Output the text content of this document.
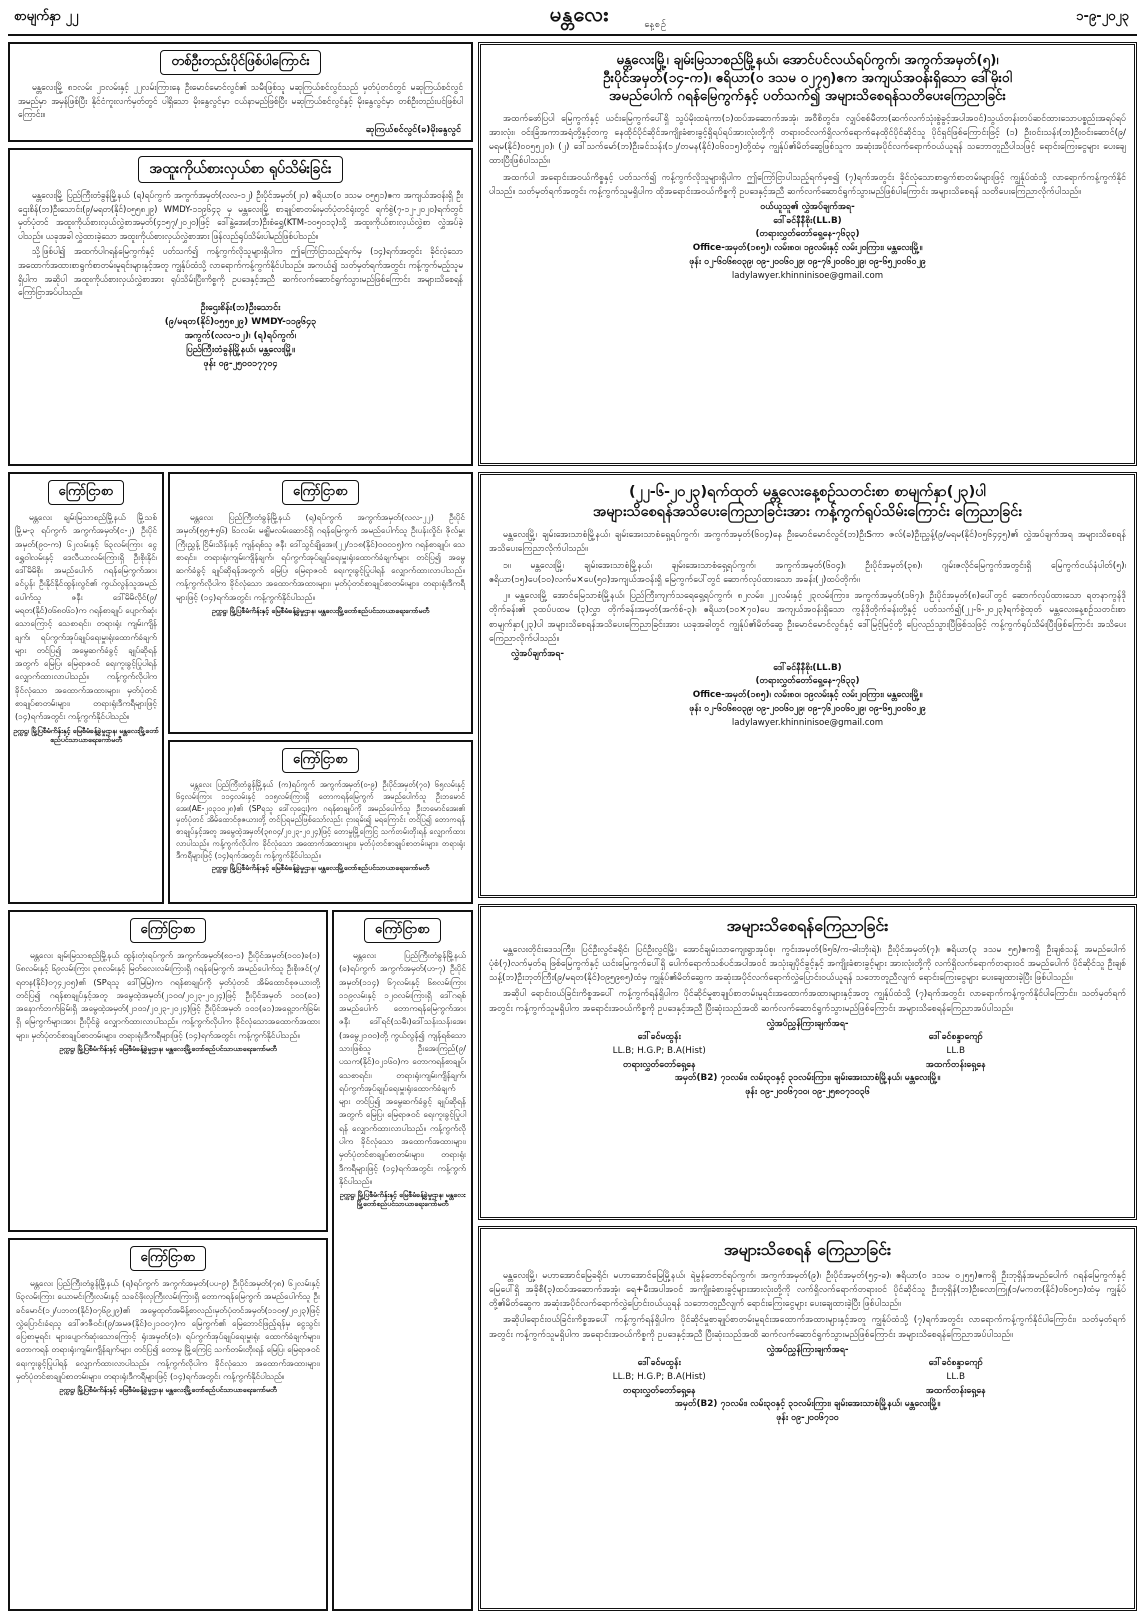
စာမျက်နှာ ၂၂	မန္တလေး	နေ့စဉ်
၁-၉-၂၀၂၃
တစ်ဦးတည်းပိုင်ဖြစ်ပါကြောင်း

မန္တလေးမြို့ ၈၁လမ်း ၂၁လမ်းနှင့် ၂၂လမ်းကြားနေ ဦးမောင်မောင်လွင်၏ သမီးဖြစ်သူ မဆုကြယ်စင်လွင်သည် မှတ်ပုံတင်တွင် မဆုကြယ်စင်လွင်အမည်မှာ အမှန်ဖြစ်ပြီး နိုင်ငံကူးလက်မှတ်တွင် ပါရှိသော မိုးနွေလွင်မှာ ငယ်နာမည်ဖြစ်ပြီး မဆုကြယ်စင်လွင်နှင့် မိုးနွေလွင်မှာ တစ်ဦးတည်းပင်ဖြစ်ပါကြောင်း။

ဆုကြယ်စင်လွင်(ခ)မိုးနွေလွင်
အထူးကိုယ်စားလှယ်စာ ရုပ်သိမ်းခြင်း

မန္တလေးမြို့ ပြည်ကြီးတံခွန်မြို့နယ် (ရ)ရပ်ကွက် အကွက်အမှတ်(လလ-၁၂) ဦးပိုင်အမှတ်(၂၀) ဧရိယာ(၀ ဒသမ ၀၅၅၁)ဧက အကျယ်အဝန်းရှိ ဦးဌေးစိန်(ဘ)ဦးသောင်း(၉/မရတ(နိုင်)၀၅၅၈၂၉) WMDY-၁၁၉၆၄၃ မှ မန္တလေးမြို့ စာချုပ်စာတမ်းမှတ်ပုံတင်ရုံးတွင် ရက်စွဲ(၇-၁၂-၂၀၂၀)ရက်တွင် မှတ်ပုံတင် အထူးကိုယ်စားလှယ်လွှဲစာအမှတ်(၄၁၅၇/၂၀၂၀)ဖြင့် ဒေါ်နွဲ့အေး(ဘ)ဦးစံရွှေ(KTM-၁၀၅၀၁၃)သို့ အထူးကိုယ်စားလှယ်လွှဲစာ လွှဲအပ်ခဲ့ပါသည်။ ယခုအခါ လွှဲထားခဲ့သော အထူးကိုယ်စားလှယ်လွှဲစာအား ဖြန်လည်ရုပ်သိမ်းပါမည်ဖြစ်ပါသည်။

သို့ဖြစ်ပါ၍ အထက်ပါဂရန်မြေကွက်နှင့် ပတ်သက်၍ ကန့်ကွက်လိုသူများရှိပါက ဤကြော်ငြာသည့်ရက်မှ (၁၄)ရက်အတွင်း ခိုင်လုံသောအထောက်အထားစာရွက်စာတမ်းမူရင်းများနှင့်အတူ ကျွန်ုပ်ထံသို့ လာရောက်ကန့်ကွက်နိုင်ပါသည်။ အကယ်၍ သတ်မှတ်ရက်အတွင်း ကန့်ကွက်မည့်သူမရှိပါက အဆိုပါ အထူးကိုယ်စားလှယ်လွှဲစာအား ရုပ်သိမ်းပြီးကိစ္စကို ဥပဒေနှင့်အညီ ဆက်လက်ဆောင်ရွက်သွားမည်ဖြစ်ကြောင်း အများသိစေရန် ကြော်ငြာအပ်ပါသည်။

ဦးဌေးစိန်း(ဘ)ဦးသောင်း
(၉/မရတ(နိုင်)၀၅၅၈၂၉) WMDY-၁၁၉၆၄၃
အကွက်(လလ-၁၂)၊ (ရ)ရပ်ကွက်၊
ပြည်ကြီးတံခွန်မြို့နယ်၊ မန္တလေးမြို့။
ဖုန်း ၀၉-၂၅၀၀၁၇၇၀၄
မန္တလေးမြို့၊ ချမ်းမြသာစည်မြို့နယ်၊ အောင်ပင်လယ်ရပ်ကွက်၊ အကွက်အမှတ်(၅)၊
ဦးပိုင်အမှတ်(၁၄-က)၊ ဧရိယာ(၀ ဒသမ ၀၂၇၅)ဧက အကျယ်အဝန်းရှိသော ဒေါ်မိုးဝါ
အမည်ပေါက် ဂရန်မြေကွက်နှင့် ပတ်သက်၍ အများသိစေရန်သတိပေးကြေညာခြင်း

အထက်ဖော်ပြပါ မြေကွက်နှင့် ယင်းမြေကွက်ပေါ်ရှိ သွပ်မိုးထရံကာ(၁)ထပ်အဆောက်အအုံ၊ အဝီစိတွင်း၊ လျှပ်စစ်မီတာ(ဆက်လက်သုံးစွဲခွင့်အပါအဝင်)သွယ်တန်းတပ်ဆင်ထားသောပစ္စည်းအရပ်ရပ်အားလုံး၊ ဝင်းခြံအကာအရံတို့နှင့်တကွ နေထိုင်ပိုင်ဆိုင်အကျိုးခံစားခွင့်ရှိရပ်ရပ်အားလုံးတို့ကို တရားဝင်လက်ရှိလက်ရောက်နေထိုင်ပိုင်ဆိုင်သူ ပိုင်ရှင်ဖြစ်ကြောင်းဖြင့် (၁) ဦးဝင်းသန်း(ဘ)ဦးဝင်းဆောင်(၉/မရမ(နိုင်)၀၀၅၅၂၀)၊ (၂) ဒေါ်သက်မော်(ဘ)ဦးခင်သန်း(၁၂/တမန(နိုင်)၀၆၀၁၅)တို့ထံမှ ကျွန်ုပ်၏မိတ်ဆွေဖြစ်သူက အဆုံးအပိုင်လက်ရောက်ဝယ်ယူရန် သဘောတူညီပါသဖြင့် ရောင်းကြေးငွေများ ပေးချေထားပြီးဖြစ်ပါသည်။

အထက်ပါ အရောင်းအဝယ်ကိစ္စနှင့် ပတ်သက်၍ ကန့်ကွက်လိုသူများရှိပါက ဤကြော်ငြာပါသည့်ရက်မှစ၍ (၇)ရက်အတွင်း ခိုင်လုံသောစာရွက်စာတမ်းများဖြင့် ကျွန်ုပ်ထံသို့ လာရောက်ကန့်ကွက်နိုင်ပါသည်။ သတ်မှတ်ရက်အတွင်း ကန့်ကွက်သူမရှိပါက ထိုအရောင်းအဝယ်ကိစ္စကို ဥပဒေနှင့်အညီ ဆက်လက်ဆောင်ရွက်သွားမည်ဖြစ်ပါကြောင်း အများသိစေရန် သတိပေးကြေညာလိုက်ပါသည်။

ဝယ်ယူသူ၏ လွှဲအပ်ချက်အရ-
ဒေါ်ခင်နီနီစိုး(LL.B)
(တရားလွှတ်တော်ရှေ့နေ-၇၆၃၃)
Office-အမှတ်(၁၈၅)၊ လမ်း၈၀၊ ၁၉လမ်းနှင့် လမ်း၂၀ကြား၊ မန္တလေးမြို့။
ဖုန်း ၀၂-၆၀၆၈၀၃၉၊ ၀၉-၂၀၀၆၀၂၉၊ ၀၉-၇၆၂၀၀၆၀၂၉၊ ၀၉-၆၅၂၀၀၆၀၂၉
ladylawyer.khinninisoe@gmail.com
(၂၂-၆-၂၀၂၃)ရက်ထုတ် မန္တလေးနေ့စဉ်သတင်းစာ စာမျက်နှာ(၂၃)ပါ
အများသိစေရန်အသိပေးကြေညာခြင်းအား ကန့်ကွက်ရုပ်သိမ်းကြောင်း ကြေညာခြင်း

မန္တလေးမြို့၊ ချမ်းအေးသာစံမြို့နယ်၊ ချမ်းအေးသာစံရှေ့ရပ်ကွက်၊ အကွက်အမှတ်(၆၀၄)နေ ဦးမောင်မောင်လွင်(ဘ)ဦးSကာ ဇလ်(ခ)ဦးညွှန့်(၉/မရမ(နိုင်)၀၅၆၄၄၅)၏ လွှဲအပ်ချက်အရ အများသိစေရန်အသိပေးကြေညာလိုက်ပါသည်။

၁။ မန္တလေးမြို့၊ ချမ်းအေးသာစံမြို့နယ်၊ ချမ်းအေးသာစံရှေ့ရပ်ကွက်၊ အကွက်အမှတ်(၆၀၄)၊ ဦးပိုင်အမှတ်(၃၈)၊ ဂျမ်းဇလိုင်မြေကွက်အတွင်းရှိ မြေကွက်ငယ်နံပါတ်(၅)၊ ဧရိယာ(၁၅)ပေ(၁၀)လက်မ×ပေ(၅၀)အကျယ်အဝန်းရှိ မြေကွက်ပေါ်တွင် ဆောက်လုပ်ထားသော အခန်း(၂)ထပ်တိုက်။

၂။ မန္တလေးမြို့ အောင်မြေသာစံမြို့နယ်၊ ပြည်ကြီးကျက်သရေရှေ့ရပ်ကွက်၊ ၈၂လမ်း၊ ၂၂လမ်းနှင့် ၂၃လမ်းကြား၊ အကွက်အမှတ်(၁၆၇)၊ ဦးပိုင်အမှတ်(၈)ပေါ်တွင် ဆောက်လုပ်ထားသော ရတနာကွန်ဒိုတိုက်ခန်း၏ ၃ထပ်ပထမ (၃)လွှာ တိုက်ခန်းအမှတ်(အက်စ်-၃)၊ ဧရိယာ(၁၀×၇၀)ပေ အကျယ်အဝန်းရှိသော ကွန်ဒိုတိုက်ခန်းတို့နှင့် ပတ်သက်၍(၂၂-၆-၂၀၂၃)ရက်စွဲထုတ် မန္တလေးနေ့စဉ်သတင်းစာ စာမျက်နှာ(၂၃)ပါ အများသိစေရန်အသိပေးကြေညာခြင်းအား ယခုအခါတွင် ကျွန်ုပ်၏မိတ်ဆွေ ဦးမောင်မောင်လွင်နှင့် ဒေါ်မြင့်မြင့်တို့ ပြေလည်သွားပြီဖြစ်သဖြင့် ကန့်ကွက်ရုပ်သိမ်းပြီးဖြစ်ကြောင်း အသိပေးကြေညာလိုက်ပါသည်။

လွှဲအပ်ချက်အရ-
ဒေါ်ခင်နီနီစိုး(LL.B)
(တရားလွှတ်တော်ရှေ့နေ-၇၆၃၃)
Office-အမှတ်(၁၈၅)၊ လမ်း၈၀၊ ၁၉လမ်းနှင့် လမ်း၂၀ကြား၊ မန္တလေးမြို့။
ဖုန်း ၀၂-၆၀၆၈၀၃၉၊ ၀၉-၂၀၀၆၀၂၉၊ ၀၉-၇၆၂၀၀၆၀၂၉၊ ၀၉-၆၅၂၀၀၆၀၂၉
ladylawyer.khinninisoe@gmail.com
အများသိစေရန်ကြေညာခြင်း

မန္တလေးတိုင်းဒေသကြီး၊ ပြင်ဦးလွင်ခရိုင်၊ ပြင်ဦးလွင်မြို့၊ အောင်ချမ်းသာကျေးရွာအုပ်စု၊ ကွင်းအမှတ်(၆၅၆/က-ဓါးဘိုးရဲ)၊ ဦးပိုင်အမှတ်(၇)၊ ဧရိယာ(၃ ဒသမ ၅၅)ဧကရှိ ဦးချစ်သန့် အမည်ပေါက် ပုံစံ(၇)လက်မှတ်ရ ဖြစ်မြေကွက်နှင့် ယင်းမြေကွက်ပေါ်ရှိ ပေါက်ရောက်သစ်ပင်အပါအဝင် အသုံးချပိုင်ခွင့်နှင့် အကျိုးခံစားခွင့်များ အားလုံးတို့ကို လက်ရှိလက်ရောက်တရားဝင် အမည်ပေါက် ပိုင်ဆိုင်သူ ဦးချစ်သန့်(ဘ)ဦးဘုတ်ကြီး(၉/မရတ(နိုင်)၀၉၅၉၈၅)ထံမှ ကျွန်ုပ်၏မိတ်ဆွေက အဆုံးအပိုင်လက်ရောက်လွှဲပြောင်းဝယ်ယူရန် သဘောတူညီလျက် ရောင်းကြေးငွေများ ပေးချေထားခဲ့ပြီး ဖြစ်ပါသည်။

အဆိုပါ ရောင်းဝယ်ခြင်းကိစ္စအပေါ် ကန့်ကွက်ရန်ရှိပါက ပိုင်ဆိုင်မှုစာချုပ်စာတမ်းမူရင်းအထောက်အထားများနှင့်အတူ ကျွန်ုပ်ထံသို့ (၇)ရက်အတွင်း လာရောက်ကန့်ကွက်နိုင်ပါကြောင်း၊ သတ်မှတ်ရက်အတွင်း ကန့်ကွက်သူမရှိပါက အရောင်းအဝယ်ကိစ္စကို ဥပဒေနှင့်အညီ ပြီးဆုံးသည်အထိ ဆက်လက်ဆောင်ရွက်သွားမည်ဖြစ်ကြောင်း အများသိစေရန်ကြေညာအပ်ပါသည်။

လွှဲအပ်ညွှန်ကြားချက်အရ-
ဒေါ်ခင်မထွန်း
LL.B; H.G.P; B.A(Hist)
တရားလွှတ်တော်ရှေ့နေ
ဒေါ်ခင်စန္ဒာကျော်
LL.B
အထက်တန်းရှေ့နေ
အမှတ်(B2) ၇၁လမ်း၊ လမ်း၃၀နှင့် ၃၁လမ်းကြား၊ ချမ်းအေးသာစံမြို့နယ်၊ မန္တလေးမြို့။
ဖုန်း ၀၉-၂၀၀၆၇၁၀၊ ၀၉-၂၅၈၀၇၁၀၃၆
အများသိစေရန် ကြေညာခြင်း

မန္တလေးမြို့၊ မဟာအောင်မြေခရိုင်၊ မဟာအောင်မြေမြို့နယ်၊ ရဲမွန်တောင်ရပ်ကွက်၊ အကွက်အမှတ်(၉)၊ ဦးပိုင်အမှတ်(၅၄-ခ)၊ ဧရိယာ(၀ ဒသမ ၀၂၅၅)ဧကရှိ ဦးဘုရှိန်အမည်ပေါက် ဂရန်မြေကွက်နှင့် မြေပေါ်ရှိ အခိုစီ(၃)ထပ်အဆောက်အအုံ၊ ရေ+မီးအပါအဝင် အကျိုးခံစားခွင့်များအားလုံးတို့ကို လက်ရှိလက်ရောက်တရားဝင် ပိုင်ဆိုင်သူ ဦးဘုရှိန်(ဘ)ဦးလောကြူ(၁/မကတ(နိုင်)၀၆၀၅၁)ထံမှ ကျွန်ုပ်တို့၏မိတ်ဆွေက အဆုံးအပိုင်လက်ရောက်လွှဲပြောင်းဝယ်ယူရန် သဘောတူညီလျက် ရောင်းကြေးငွေများ ပေးချေထားခဲ့ပြီး ဖြစ်ပါသည်။

အဆိုပါရောင်းဝယ်ခြင်းကိစ္စအပေါ် ကန့်ကွက်ရန်ရှိပါက ပိုင်ဆိုင်မှုစာချုပ်စာတမ်းမူရင်းအထောက်အထားများနှင့်အတူ ကျွန်ုပ်ထံသို့ (၇)ရက်အတွင်း လာရောက်ကန့်ကွက်နိုင်ပါကြောင်း၊ သတ်မှတ်ရက်အတွင်း ကန့်ကွက်သူမရှိပါက အရောင်းအဝယ်ကိစ္စကို ဥပဒေနှင့်အညီ ပြီးဆုံးသည်အထိ ဆက်လက်ဆောင်ရွက်သွားမည်ဖြစ်ကြောင်း အများသိစေရန်ကြေညာအပ်ပါသည်။

လွှဲအပ်ညွှန်ကြားချက်အရ-
ဒေါ်ခင်မထွန်း
LL.B; H.G.P; B.A(Hist)
တရားလွှတ်တော်ရှေ့နေ
ဒေါ်ခင်စန္ဒာကျော်
LL.B
အထက်တန်းရှေ့နေ
အမှတ်(B2) ၇၁လမ်း၊ လမ်း၃၀နှင့် ၃၁လမ်းကြား၊ ချမ်းအေးသာစံမြို့နယ်၊ မန္တလေးမြို့။
ဖုန်း ၀၉-၂၀၀၆၇၁၀
ကြော်ငြာစာ

မန္တလေး ချမ်းမြသာစည်မြို့နယ် မြို့သစ် မြို့မ-၃ ရပ်ကွက် အကွက်အမှတ်(င-၂) ဦးပိုင်အမှတ်(၉၀-က) ၆၂လမ်းနှင့် ၆၃လမ်းကြား ငွေရွှေဝါလမ်းနှင့် ဒေလီယာလမ်းကြားရှိ ဦးစိုးနိုင်၊ ဒေါ်မိမိစိုး အမည်ပေါက် ဂရန်မြေကွက်အား ခင်ပွန်း ဦးနိုင်နိုင်ထွန်းလွင်၏ ကွယ်လွန်သူအမည်ပေါက်သူ ဇနီး ဒေါ်မိမိလိုင်(၉/မရတ(နိုင်)၀၆၈၀၆၁)က ဂရန်စာချုပ် ပျောက်ဆုံးသောကြောင့် သေစာရင်း၊ တရားရုံး ကျမ်းကျိန်ချက်၊ ရပ်ကွက်အုပ်ချုပ်ရေးမှူးရုံးထောက်ခံချက်များ တင်ပြ၍ အမွေဆက်ခံခွင့် ချုပ်ဆိုရန်အတွက် မြေပြ၊ မြေရာဇဝင် ရေးကူးခွင့်ပြုပါရန် လျှောက်ထားလာပါသည်။ ကန့်ကွက်လိုပါက ခိုင်လုံသော အထောက်အထားများ၊ မှတ်ပုံတင်စာချုပ်စာတမ်းများ၊ တရားရုံးဒီကရီများဖြင့် (၁၄)ရက်အတွင်း ကန့်ကွက်နိုင်ပါသည်။

ဥက္ကဋ္ဌ၊ မြို့ပြစီမံကိန်းနှင့် မြေစီမံခန့်ခွဲမှုဌာန၊ မန္တလေးမြို့တော်စည်ပင်သာယာရေးကော်မတီ
ကြော်ငြာစာ

မန္တလေး ပြည်ကြီးတံခွန်မြို့နယ် (ရ)ရပ်ကွက် အကွက်အမှတ်(လလ-၂၂) ဦးပိုင်အမှတ်(၅၅+၅၆) ၆၁လမ်း မဇ္ဈိမလမ်းဆောင်ရှိ ဂရန်မြေကွက် အမည်ပေါက်သူ ဦးပန်းလှိုင်၊ ဇိုလ်မှူးကြီးညွှန့် ငြိမ်းသိန်းနှင့် ကျန်ရစ်သူ ဇနီး ဒေါ်သွင်ချိုအေး(၂၂/၁၁၈(နိုင်)၀၀၀၁၅)က ဂရန်စာချုပ်၊ သေစာရင်း၊ တရားရုံးကျမ်းကျိန်ချက်၊ ရပ်ကွက်အုပ်ချုပ်ရေးမှူးရုံးထောက်ခံချက်များ တင်ပြ၍ အမွေဆက်ခံခွင့် ချုပ်ဆိုရန်အတွက် မြေပြ၊ မြေရာဇဝင် ရေးကူးခွင့်ပြုပါရန် လျှောက်ထားလာပါသည်။ ကန့်ကွက်လိုပါက ခိုင်လုံသော အထောက်အထားများ၊ မှတ်ပုံတင်စာချုပ်စာတမ်းများ၊ တရားရုံးဒီကရီများဖြင့် (၁၄)ရက်အတွင်း ကန့်ကွက်နိုင်ပါသည်။

ဥက္ကဋ္ဌ၊ မြို့ပြစီမံကိန်းနှင့် မြေစီမံခန့်ခွဲမှုဌာန၊ မန္တလေးမြို့တော်စည်ပင်သာယာရေးကော်မတီ
ကြော်ငြာစာ

မန္တလေး ပြည်ကြီးတံခွန်မြို့နယ် (က)ရပ်ကွက် အကွက်အမှတ်(၀-၉) ဦးပိုင်အမှတ်(၇၀) ၆၅လမ်းနှင့် ၆၄လမ်းကြား ၁၁၄လမ်းနှင့် ၁၁၅လမ်းကြားရှိ တောကရန်မြေကွက် အမည်ပေါက်သူ ဦးဘမောင်အေး(AE-၂၀၃၁၀၂၈)၏ (SPရသူ ဒေါ်လှဌေး)က ဂရန်စာချုပ်ကို အမည်ပေါက်သူ ဦးဘမောင်အေး၏ မှတ်ပုံတင် အိမ်ထောင်စုဇယားတို့ တင်ပြရမည်ဖြစ်သော်လည်း ငှားရမ်း၍ မရကြောင်း တင်ပြ၍ တောကရန်စာချုပ်နှင့်အတူ အမွေထဲ့အမှတ်(၃၈၀၄/၂၀၂၃-၂၀၂၄)ဖြင့် တောမှုမြို့ကြေငြ သက်တမ်းတိုးရန် လျှောက်ထားလာပါသည်။ ကန့်ကွက်လိုပါက ခိုင်လုံသော အထောက်အထားများ၊ မှတ်ပုံတင်စာချုပ်စာတမ်းများ၊ တရားရုံးဒီကရီများဖြင့် (၁၄)ရက်အတွင်း ကန့်ကွက်နိုင်ပါသည်။

ဥက္ကဋ္ဌ၊ မြို့ပြစီမံကိန်းနှင့် မြေစီမံခန့်ခွဲမှုဌာန၊ မန္တလေးမြို့တော်စည်ပင်သာယာရေးကော်မတီ
ကြော်ငြာစာ

မန္တလေး ချမ်းမြသာစည်မြို့နယ် ထွန်းတုံးရပ်ကွက် အကွက်အမှတ်(၈၁-၁) ဦးပိုင်အမှတ်(၁၀၁)ခ(၁) ၆၈လမ်းနှင့် ၆၉လမ်းကြား ၃၈လမ်းနှင့် မြတ်လေးလမ်းကြားရှိ ဂရန်မြေကွက် အမည်ပေါက်သူ ဦးစိုးဇင်(၇/ရတန(နိုင်)၀၇၄၂၀၅)၏ (SPရသူ ဒေါ်မြမြ)က ဂရန်စာချုပ်ကို မှတ်ပုံတင် အိမ်ထောင်စုဇယားတို့ တင်ပြ၍ ဂရန်စာချုပ်နှင့်အတူ အမွေထဲ့အမှတ်(၂၁၀၀/၂၀၂၃-၂၀၂၄)ဖြင့် ဦးပိုင်အမှတ် ၁၀၁(ခ၁) အနောက်ဘက်ခြမ်းရှိ အမွေထဲ့အမှတ်(၂၁၀၁/၂၀၂၃-၂၀၂၄)ဖြင့် ဦးပိုင်အမှတ် ၁၀၁(ခ၁)အရှေ့ဘက်ခြမ်းရှိ မြေကွက်များအား ဦးပိုင်ခွဲ လျှောက်ထားလာပါသည်။ ကန့်ကွက်လိုပါက ခိုင်လုံသောအထောက်အထားများ၊ မှတ်ပုံတင်စာချုပ်စာတမ်းများ၊ တရားရုံးဒီကရီများဖြင့် (၁၄)ရက်အတွင်း ကန့်ကွက်နိုင်ပါသည်။

ဥက္ကဋ္ဌ၊ မြို့ပြစီမံကိန်းနှင့် မြေစီမံခန့်ခွဲမှုဌာန၊ မန္တလေးမြို့တော်စည်ပင်သာယာရေးကော်မတီ
ကြော်ငြာစာ

မန္တလေး ပြည်ကြီးတံခွန်မြို့နယ် (ခ)ရပ်ကွက် အကွက်အမှတ်(ဟ-၇) ဦးပိုင်အမှတ်(၁၁၄) ၆၇လမ်းနှင့် ၆၈လမ်းကြား ၁၁၉လမ်းနှင့် ၁၂၀လမ်းကြားရှိ ဒေါ်ဂရစ် အမည်ပေါက် တောကရန်မြေကွက်အား ဇနီး ဒေါ်ရင်(သမီး)ဒေါ်သန်းသန်းအေး (အမွေ၂၁၀၀)တို့ ကွယ်လွန်၍ ကျန်ရစ်သော သားဖြစ်သူ ဦးအေးကြည်(၉/ပသက(နိုင်)၀၂၁၆၀)က တောကရန်စာချုပ်၊ သေစာရင်း၊ တရားရုံးကျမ်းကျိန်ချက်၊ ရပ်ကွက်အုပ်ချုပ်ရေးမှူးရုံးထောက်ခံချက်များ တင်ပြ၍ အမွေဆက်ခံခွင့် ချုပ်ဆိုရန်အတွက် မြေပြ၊ မြေရာဇဝင် ရေးကူးခွင့်ပြုပါရန် လျှောက်ထားလာပါသည်။ ကန့်ကွက်လိုပါက ခိုင်လုံသော အထောက်အထားများ၊ မှတ်ပုံတင်စာချုပ်စာတမ်းများ၊ တရားရုံး ဒီကရီများဖြင့် (၁၄)ရက်အတွင်း ကန့်ကွက်နိုင်ပါသည်။

ဥက္ကဋ္ဌ၊ မြို့ပြစီမံကိန်းနှင့် မြေစီမံခန့်ခွဲမှုဌာန၊ မန္တလေးမြို့တော်စည်ပင်သာယာရေးကော်မတီ
ကြော်ငြာစာ

မန္တလေး ပြည်ကြီးတံခွန်မြို့နယ် (ရ)ရပ်ကွက် အကွက်အမှတ်(ပပ-၉) ဦးပိုင်အမှတ်(၇၈) ၆၂လမ်းနှင့် ၆၃လမ်းကြား ယောမင်းကြီးလမ်းနှင့် သခင်ဖိုးလှကြီးလမ်းကြားရှိ တောကရန်မြေကွက် အမည်ပေါက်သူ ဦးခင်မောင်(၁၂/ပဘတ(နိုင်)၀၇၆၉၂၉)၏ အမွေထုတ်အမိန့်စာလည်းမှတ်ပုံတင်အမှတ်(၁၁၀၅/၂၀၂၃)ဖြင့် လွှဲပြောင်းခံရသူ ဒေါ်ဇာဇီဝင်း(၉/အမဇ(နိုင်)၀၂၁၀၀၇)က မြေကွက်၏ မြေဘောင်ဖြည့်ရန်မှ ငွေသွင်းပြေစာမူရင်း များပျောက်ဆုံးသောကြောင့် ရုံးအမှတ်(၁)၊ ရပ်ကွက်အုပ်ချုပ်ရေးမှူးရုံး ထောက်ခံချက်များ၊ တောကရန် တရားရုံးကျမ်းကျိန်ချက်များ တင်ပြ၍ တောမှု မြို့ကြေငြ သက်တမ်းတိုးရန် မြေပြ၊ မြေရာဇဝင် ရေးကူးခွင့်ပြုပါရန် လျှောက်ထားလာပါသည်။ ကန့်ကွက်လိုပါက ခိုင်လုံသော အထောက်အထားများ၊ မှတ်ပုံတင်စာချုပ်စာတမ်းများ၊ တရားရုံးဒီကရီများဖြင့် (၁၄)ရက်အတွင်း ကန့်ကွက်နိုင်ပါသည်။

ဥက္ကဋ္ဌ၊ မြို့ပြစီမံကိန်းနှင့် မြေစီမံခန့်ခွဲမှုဌာန၊ မန္တလေးမြို့တော်စည်ပင်သာယာရေးကော်မတီ
